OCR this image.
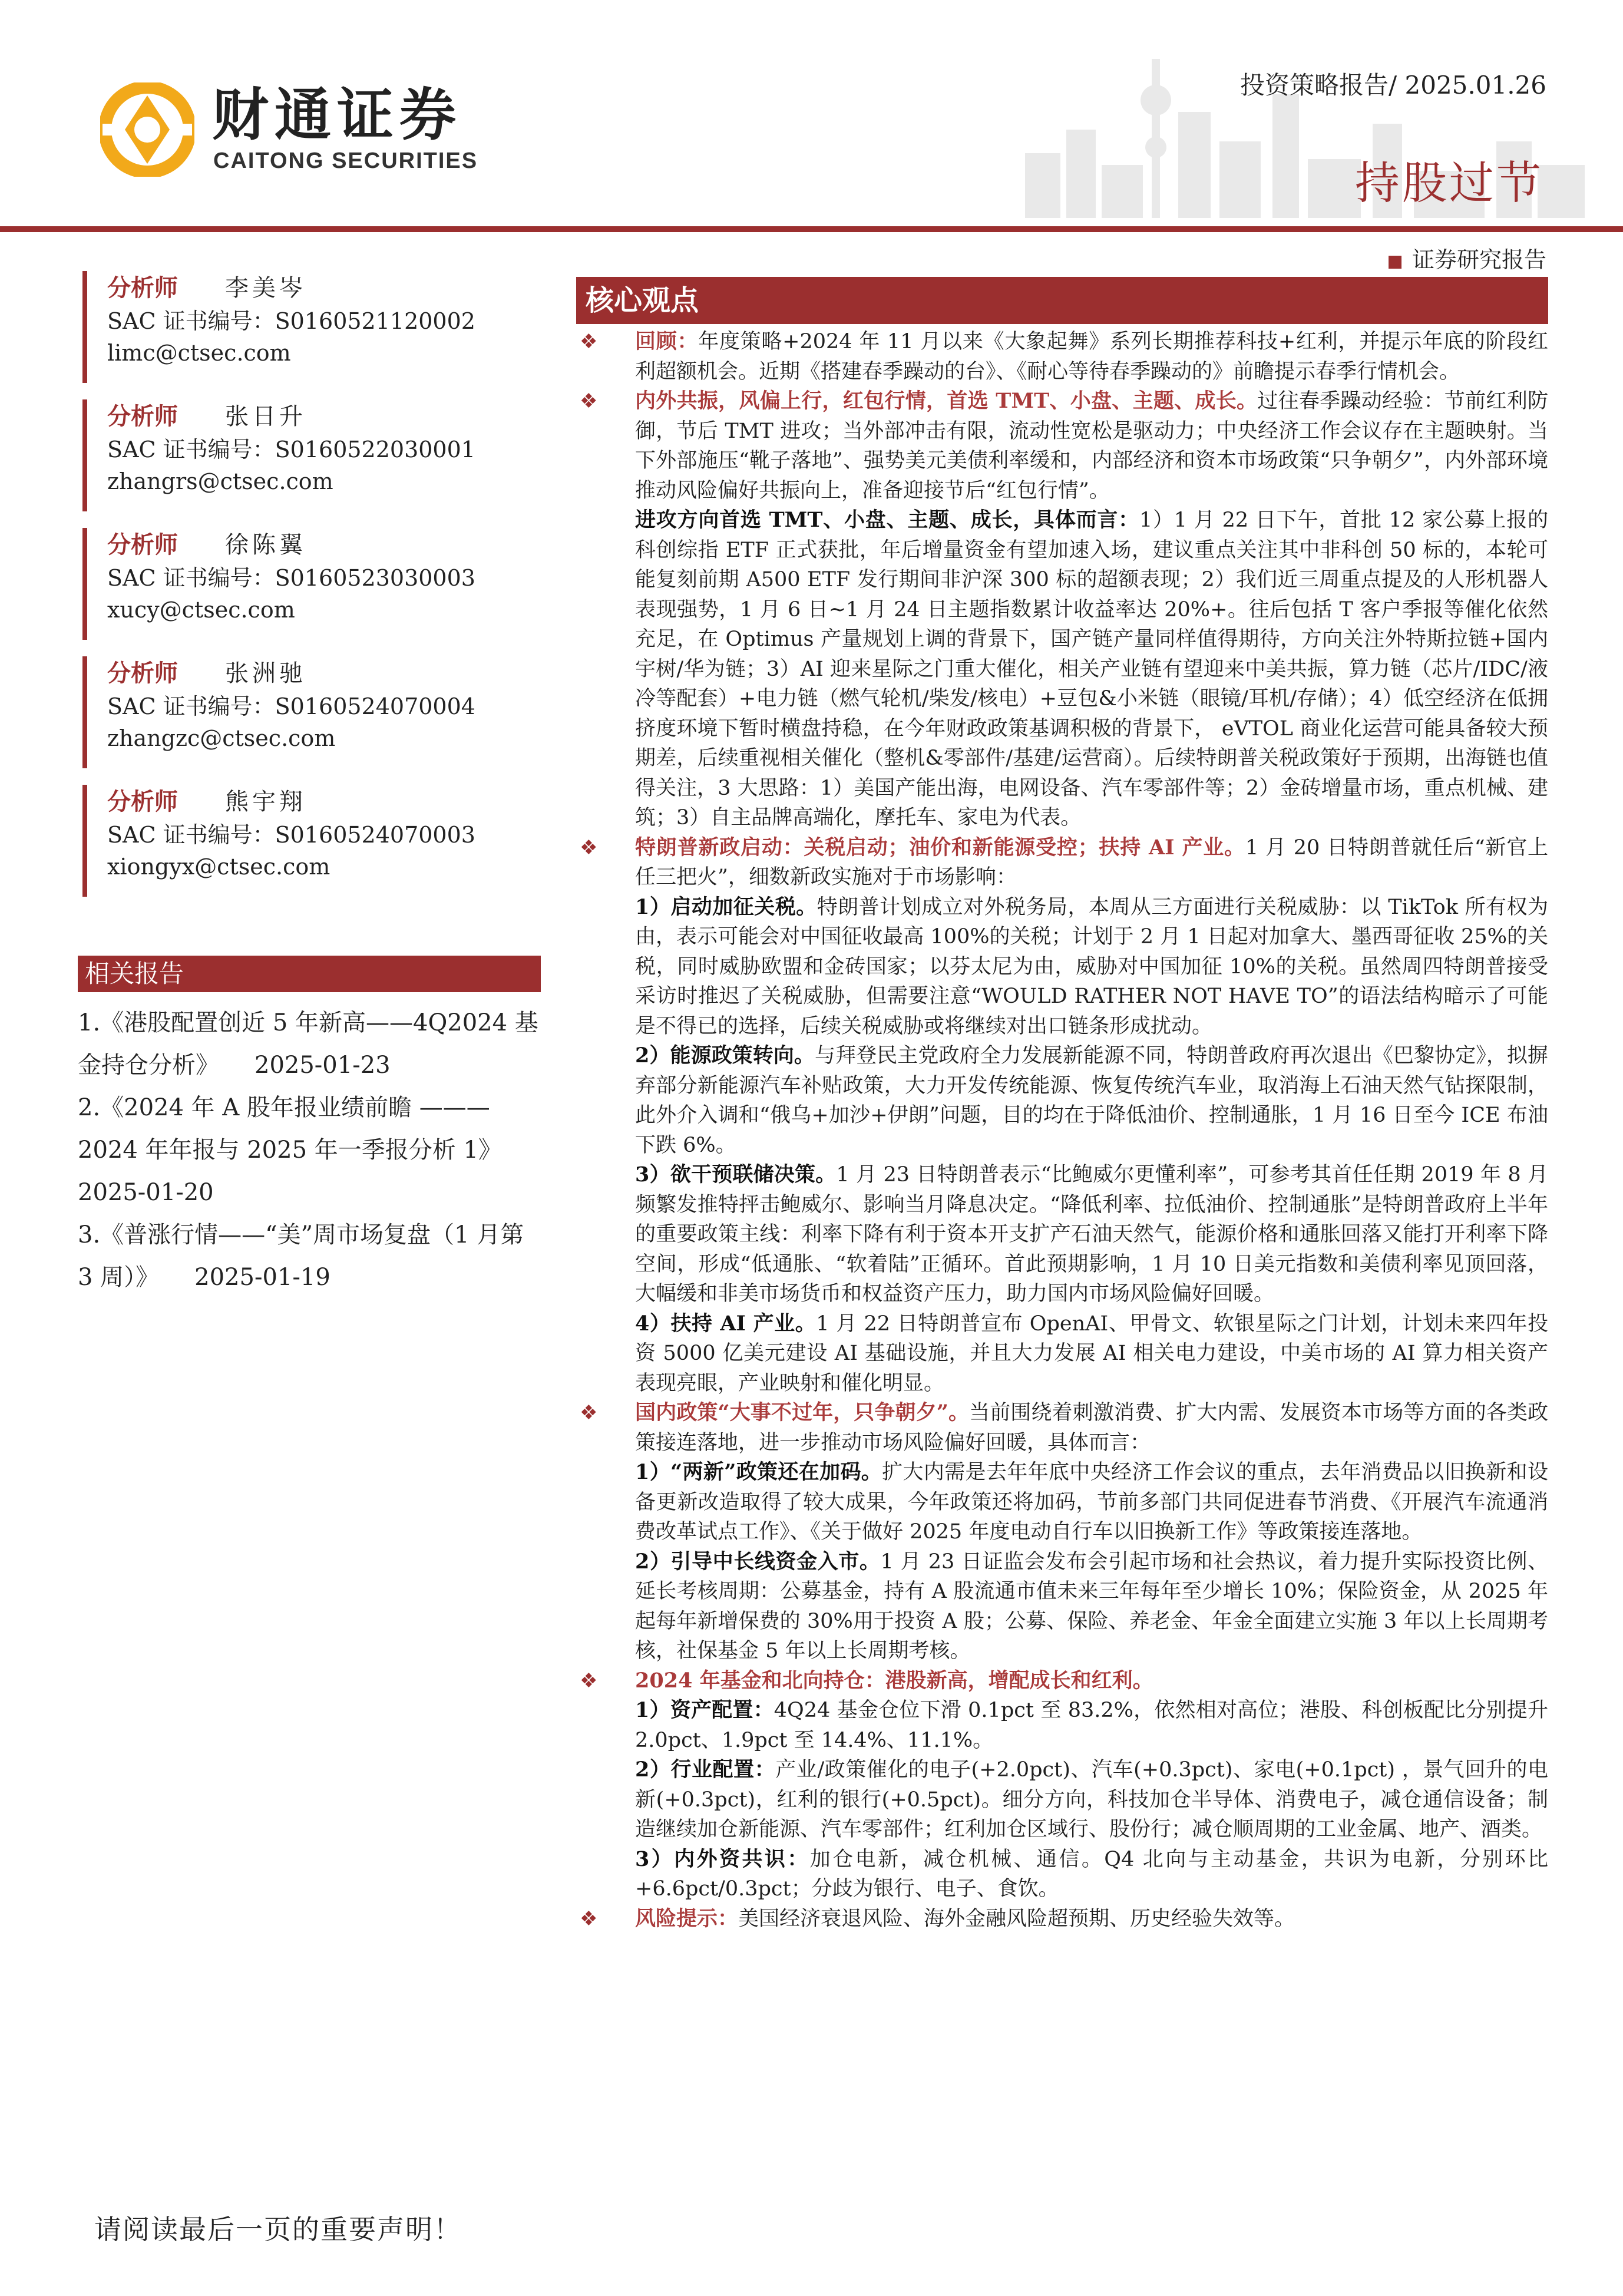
财通证券
CAITONG SECURITIES
投资策略报告/ 2025.01.26
持股过节
证券研究报告
分析师 李美岑
SAC 证书编号：S0160521120002
limc@ctsec.com
分析师 张日升
SAC 证书编号：S0160522030001
zhangrs@ctsec.com
分析师 徐陈翼
SAC 证书编号：S0160523030003
xucy@ctsec.com
分析师 张洲驰
SAC 证书编号：S0160524070004
zhangzc@ctsec.com
分析师 熊宇翔
SAC 证书编号：S0160524070003
xiongyx@ctsec.com
相关报告
1.《港股配置创近 5 年新高——4Q2024 基金持仓分析》　　2025-01-23
2.《2024 年 A 股年报业绩前瞻 ——— 2024 年年报与 2025 年一季报分析 1》 2025-01-20
3.《普涨行情——“美”周市场复盘（1 月第 3 周）》　　2025-01-19
核心观点
❖ 回顾：年度策略+2024 年 11 月以来《大象起舞》系列长期推荐科技+红利，并提示年底的阶段红利超额机会。近期《搭建春季躁动的台》、《耐心等待春季躁动的》前瞻提示春季行情机会。
❖ 内外共振，风偏上行，红包行情，首选 TMT、小盘、主题、成长。过往春季躁动经验：节前红利防御，节后 TMT 进攻；当外部冲击有限，流动性宽松是驱动力；中央经济工作会议存在主题映射。当下外部施压“靴子落地”、强势美元美债利率缓和，内部经济和资本市场政策“只争朝夕”，内外部环境推动风险偏好共振向上，准备迎接节后“红包行情”。
进攻方向首选 TMT、小盘、主题、成长，具体而言：1）1 月 22 日下午，首批 12 家公募上报的科创综指 ETF 正式获批，年后增量资金有望加速入场，建议重点关注其中非科创 50 标的，本轮可能复刻前期 A500 ETF 发行期间非沪深 300 标的超额表现；2）我们近三周重点提及的人形机器人表现强势，1 月 6 日~1 月 24 日主题指数累计收益率达 20%+。往后包括 T 客户季报等催化依然充足，在 Optimus 产量规划上调的背景下，国产链产量同样值得期待，方向关注外特斯拉链+国内宇树/华为链；3）AI 迎来星际之门重大催化，相关产业链有望迎来中美共振，算力链（芯片/IDC/液冷等配套）+电力链（燃气轮机/柴发/核电）+豆包&小米链（眼镜/耳机/存储）；4）低空经济在低拥挤度环境下暂时横盘持稳，在今年财政政策基调积极的背景下， eVTOL 商业化运营可能具备较大预期差，后续重视相关催化（整机&零部件/基建/运营商）。后续特朗普关税政策好于预期，出海链也值得关注，3 大思路：1）美国产能出海，电网设备、汽车零部件等；2）金砖增量市场，重点机械、建筑；3）自主品牌高端化，摩托车、家电为代表。
❖ 特朗普新政启动：关税启动；油价和新能源受控；扶持 AI 产业。1 月 20 日特朗普就任后“新官上任三把火”，细数新政实施对于市场影响：
1）启动加征关税。特朗普计划成立对外税务局，本周从三方面进行关税威胁：以 TikTok 所有权为由，表示可能会对中国征收最高 100%的关税；计划于 2 月 1 日起对加拿大、墨西哥征收 25%的关税，同时威胁欧盟和金砖国家；以芬太尼为由，威胁对中国加征 10%的关税。虽然周四特朗普接受采访时推迟了关税威胁，但需要注意“WOULD RATHER NOT HAVE TO”的语法结构暗示了可能是不得已的选择，后续关税威胁或将继续对出口链条形成扰动。
2）能源政策转向。与拜登民主党政府全力发展新能源不同，特朗普政府再次退出《巴黎协定》，拟摒弃部分新能源汽车补贴政策，大力开发传统能源、恢复传统汽车业，取消海上石油天然气钻探限制，此外介入调和“俄乌+加沙+伊朗”问题，目的均在于降低油价、控制通胀，1 月 16 日至今 ICE 布油下跌 6%。
3）欲干预联储决策。1 月 23 日特朗普表示“比鲍威尔更懂利率”，可参考其首任任期 2019 年 8 月频繁发推特抨击鲍威尔、影响当月降息决定。“降低利率、拉低油价、控制通胀”是特朗普政府上半年的重要政策主线：利率下降有利于资本开支扩产石油天然气，能源价格和通胀回落又能打开利率下降空间，形成“低通胀、“软着陆”正循环。首此预期影响，1 月 10 日美元指数和美债利率见顶回落，大幅缓和非美市场货币和权益资产压力，助力国内市场风险偏好回暖。
4）扶持 AI 产业。1 月 22 日特朗普宣布 OpenAI、甲骨文、软银星际之门计划，计划未来四年投资 5000 亿美元建设 AI 基础设施，并且大力发展 AI 相关电力建设，中美市场的 AI 算力相关资产表现亮眼，产业映射和催化明显。
❖ 国内政策“大事不过年，只争朝夕”。当前围绕着刺激消费、扩大内需、发展资本市场等方面的各类政策接连落地，进一步推动市场风险偏好回暖，具体而言：
1）“两新”政策还在加码。扩大内需是去年年底中央经济工作会议的重点，去年消费品以旧换新和设备更新改造取得了较大成果，今年政策还将加码，节前多部门共同促进春节消费、《开展汽车流通消费改革试点工作》、《关于做好 2025 年度电动自行车以旧换新工作》等政策接连落地。
2）引导中长线资金入市。1 月 23 日证监会发布会引起市场和社会热议，着力提升实际投资比例、延长考核周期：公募基金，持有 A 股流通市值未来三年每年至少增长 10%；保险资金，从 2025 年起每年新增保费的 30%用于投资 A 股；公募、保险、养老金、年金全面建立实施 3 年以上长周期考核，社保基金 5 年以上长周期考核。
❖ 2024 年基金和北向持仓：港股新高，增配成长和红利。
1）资产配置：4Q24 基金仓位下滑 0.1pct 至 83.2%，依然相对高位；港股、科创板配比分别提升 2.0pct、1.9pct 至 14.4%、11.1%。
2）行业配置：产业/政策催化的电子(+2.0pct)、汽车(+0.3pct)、家电(+0.1pct) ，景气回升的电新(+0.3pct)，红利的银行(+0.5pct)。细分方向，科技加仓半导体、消费电子，减仓通信设备；制造继续加仓新能源、汽车零部件；红利加仓区域行、股份行；减仓顺周期的工业金属、地产、酒类。
3）内外资共识：加仓电新，减仓机械、通信。Q4 北向与主动基金，共识为电新，分别环比+6.6pct/0.3pct；分歧为银行、电子、食饮。
❖ 风险提示：美国经济衰退风险、海外金融风险超预期、历史经验失效等。
请阅读最后一页的重要声明！
